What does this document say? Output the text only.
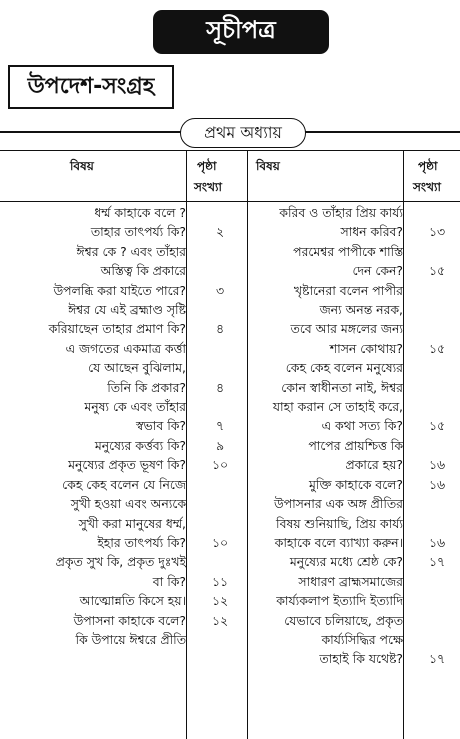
সূচীপত্র
উপদেশ-সংগ্রহ
প্রথম অধ্যায়
বিষয়	পৃষ্ঠা
সংখ্যা
বিষয়	পৃষ্ঠা
সংখ্যা
ধর্ম্ম কাহাকে বলে ?
তাহার তাৎপর্য্য কি?	২
ঈশ্বর কে ? এবং তাঁহার
অস্তিত্ব কি প্রকারে
উপলব্ধি করা যাইতে পারে?	৩
ঈশ্বর যে এই ব্রহ্মাণ্ড সৃষ্টি
করিয়াছেন তাহার প্রমাণ কি?	৪
এ জগতের একমাত্র কর্ত্তা
যে আছেন বুঝিলাম,
তিনি কি প্রকার?	৪
মনুষ্য কে এবং তাঁহার
স্বভাব কি?	৭
মনুষ্যের কর্ত্তব্য কি?	৯
মনুষ্যের প্রকৃত ভূষণ কি?	১০
কেহ কেহ বলেন যে নিজে
সুখী হওয়া এবং অন্যকে
সুখী করা মানুষের ধর্ম্ম,
ইহার তাৎপর্য্য কি?	১০
প্রকৃত সুখ কি, প্রকৃত দুঃখই
বা কি?	১১
আত্মোন্নতি কিসে হয়।	১২
উপাসনা কাহাকে বলে?	১২
কি উপায়ে ঈশ্বরে প্রীতি
করিব ও তাঁহার প্রিয় কার্য্য
সাধন করিব?	১৩
পরমেশ্বর পাপীকে শাস্তি
দেন কেন?	১৫
খৃষ্টানেরা বলেন পাপীর
জন্য অনন্ত নরক,
তবে আর মঙ্গলের জন্য
শাসন কোথায়?	১৫
কেহ কেহ বলেন মনুষ্যের
কোন স্বাধীনতা নাই, ঈশ্বর
যাহা করান সে তাহাই করে,
এ কথা সত্য কি?	১৫
পাপের প্রায়শ্চিত্ত কি
প্রকারে হয়?	১৬
মুক্তি কাহাকে বলে?	১৬
উপাসনার এক অঙ্গ প্রীতির
বিষয় শুনিয়াছি, প্রিয় কার্য্য
কাহাকে বলে ব্যাখ্যা করুন।	১৬
মনুষ্যের মধ্যে শ্রেষ্ঠ কে?	১৭
সাধারণ ব্রাহ্মসমাজের
কার্য্যকলাপ ইত্যাদি ইত্যাদি
যেভাবে চলিয়াছে, প্রকৃত
কার্য্যসিদ্ধির পক্ষে
তাহাই কি যথেষ্ট?	১৭
